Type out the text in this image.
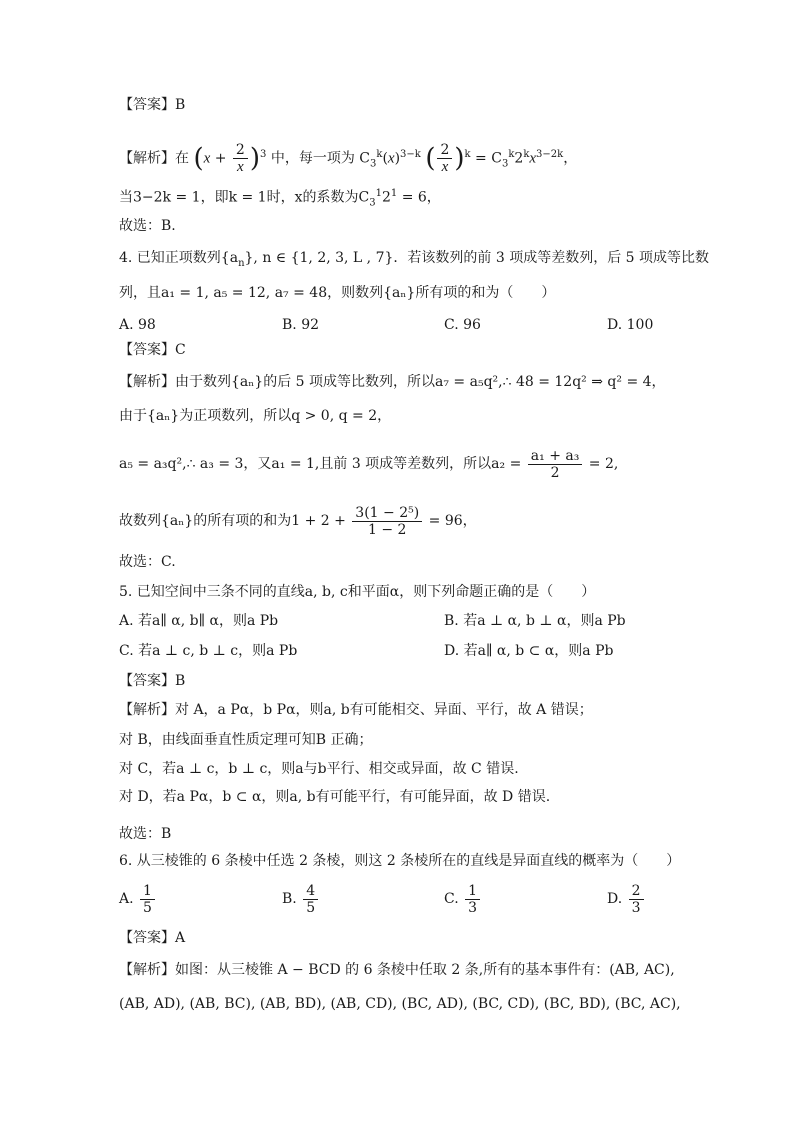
【答案】B
【解析】在 $(x + \frac{2}{x} )^3$ 中，每一项为 $C_3^k(x)^{3-k}$ ( $\frac{2}{x} )^k = C_3^k2^kx^{3-2k}$，
当3−2k = 1，即k = 1时，x的系数为$C_3^12^1 = 6$，
故选：B.
4. 已知正项数列$\{a_n\}$, n ∈ {1, 2, 3, L , 7}．若该数列的前 3 项成等差数列，后 5 项成等比数
列，且a₁ = 1, a₅ = 12, a₇ = 48，则数列{aₙ}所有项的和为（　　）
A. 98	B. 92	C. 96	D. 100
【答案】C
【解析】由于数列{aₙ}的后 5 项成等比数列，所以a₇ = a₅q²,∴ 48 = 12q² ⇒ q² = 4，
由于{aₙ}为正项数列，所以q > 0, q = 2，
a₅ = a₃q²,∴ a₃ = 3，又a₁ = 1,且前 3 项成等差数列，所以$a_2 = \frac{\text{a₁ + a₃}}{2} = 2$,
故数列{aₙ}的所有项的和为$1 + 2 + \frac{\text{3(1 − 2⁵)}}{1 - 2} = 96$，
故选：C.
5. 已知空间中三条不同的直线a, b, c和平面α，则下列命题正确的是（　　）
A. 若a∥ α, b∥ α，则a Pb	B. 若a ⊥ α, b ⊥ α，则a Pb
C. 若a ⊥ c, b ⊥ c，则a Pb	D. 若a∥ α, b ⊂ α，则a Pb
【答案】B
【解析】对 A，a Pα，b Pα，则a, b有可能相交、异面、平行，故 A 错误；
对 B，由线面垂直性质定理可知B 正确；
对 C，若a ⊥ c，b ⊥ c，则a与b平行、相交或异面，故 C 错误.
对 D，若a Pα，b ⊂ α，则a, b有可能平行，有可能异面，故 D 错误.
故选：B
6. 从三棱锥的 6 条棱中任选 2 条棱，则这 2 条棱所在的直线是异面直线的概率为（　　）
A. $\frac{1}{5}$	B. $\frac{4}{5}$	C. $\frac{1}{3}$	D. $\frac{2}{3}$
【答案】A
【解析】如图：从三棱锥 A − BCD 的 6 条棱中任取 2 条,所有的基本事件有：(AB, AC),
(AB, AD), (AB, BC), (AB, BD), (AB, CD), (BC, AD), (BC, CD), (BC, BD), (BC, AC),
